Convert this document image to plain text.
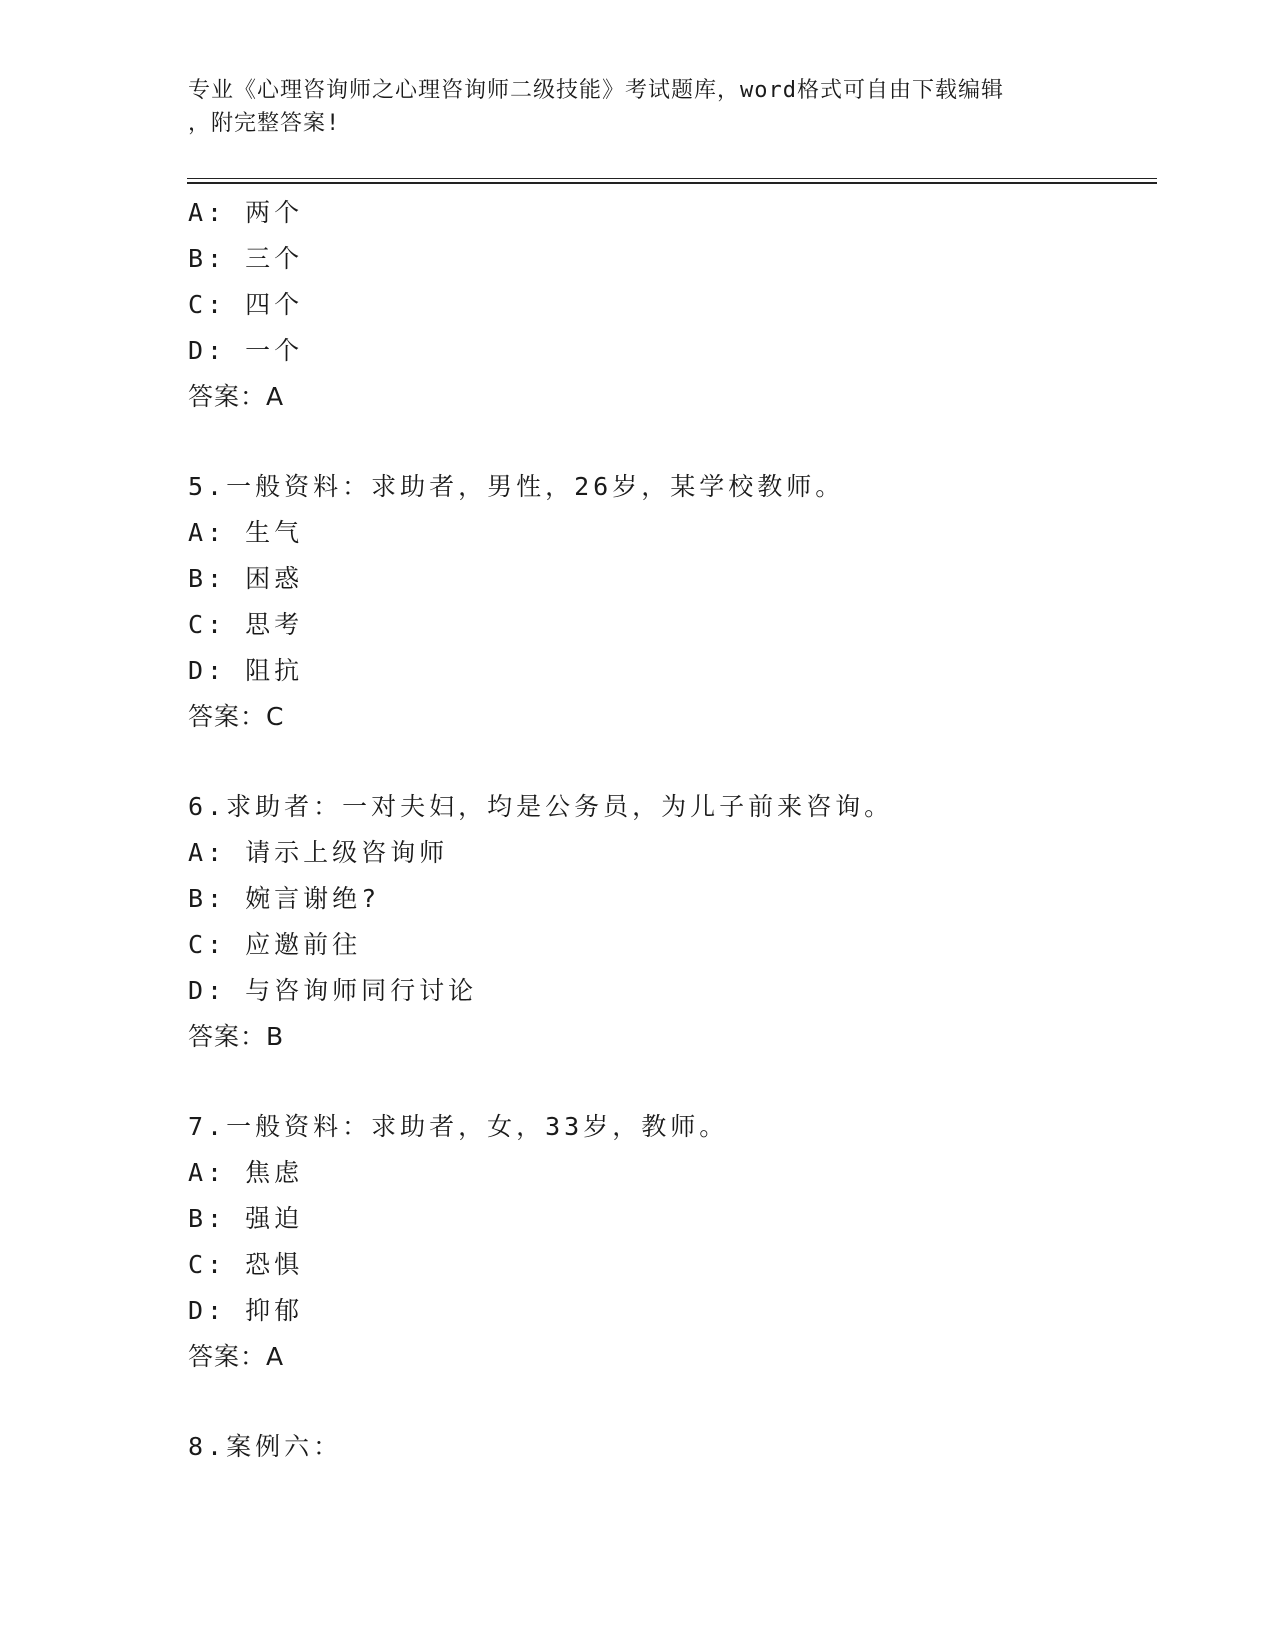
专业《心理咨询师之心理咨询师二级技能》考试题库，word格式可自由下载编辑
，附完整答案!
A: 两个
B: 三个
C: 四个
D: 一个
答案：A
5.一般资料：求助者，男性，26岁，某学校教师。
A: 生气
B: 困惑
C: 思考
D: 阻抗
答案：C
6.求助者：一对夫妇，均是公务员，为儿子前来咨询。
A: 请示上级咨询师
B: 婉言谢绝?
C: 应邀前往
D: 与咨询师同行讨论
答案：B
7.一般资料：求助者，女，33岁，教师。
A: 焦虑
B: 强迫
C: 恐惧
D: 抑郁
答案：A
8.案例六：
